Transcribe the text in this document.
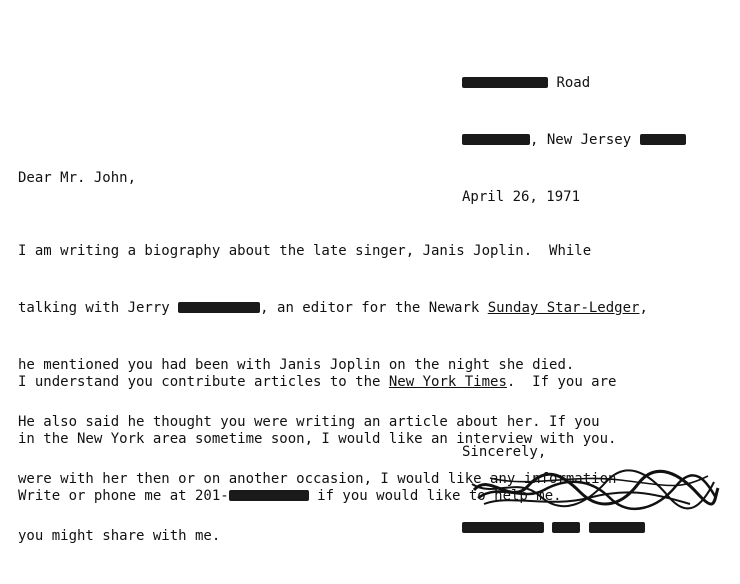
Road

, New Jersey

April 26, 1971

Dear Mr. John,

I am writing a biography about the late singer, Janis Joplin.  While

talking with Jerry	, an editor for the Newark Sunday Star-Ledger,

he mentioned you had been with Janis Joplin on the night she died.

He also said he thought you were writing an article about her. If you

were with her then or on another occasion, I would like any information

you might share with me.

I understand you contribute articles to the New York Times.  If you are

in the New York area sometime soon, I would like an interview with you.

Write or phone me at 201-	if you would like to help me.

Sincerely,
